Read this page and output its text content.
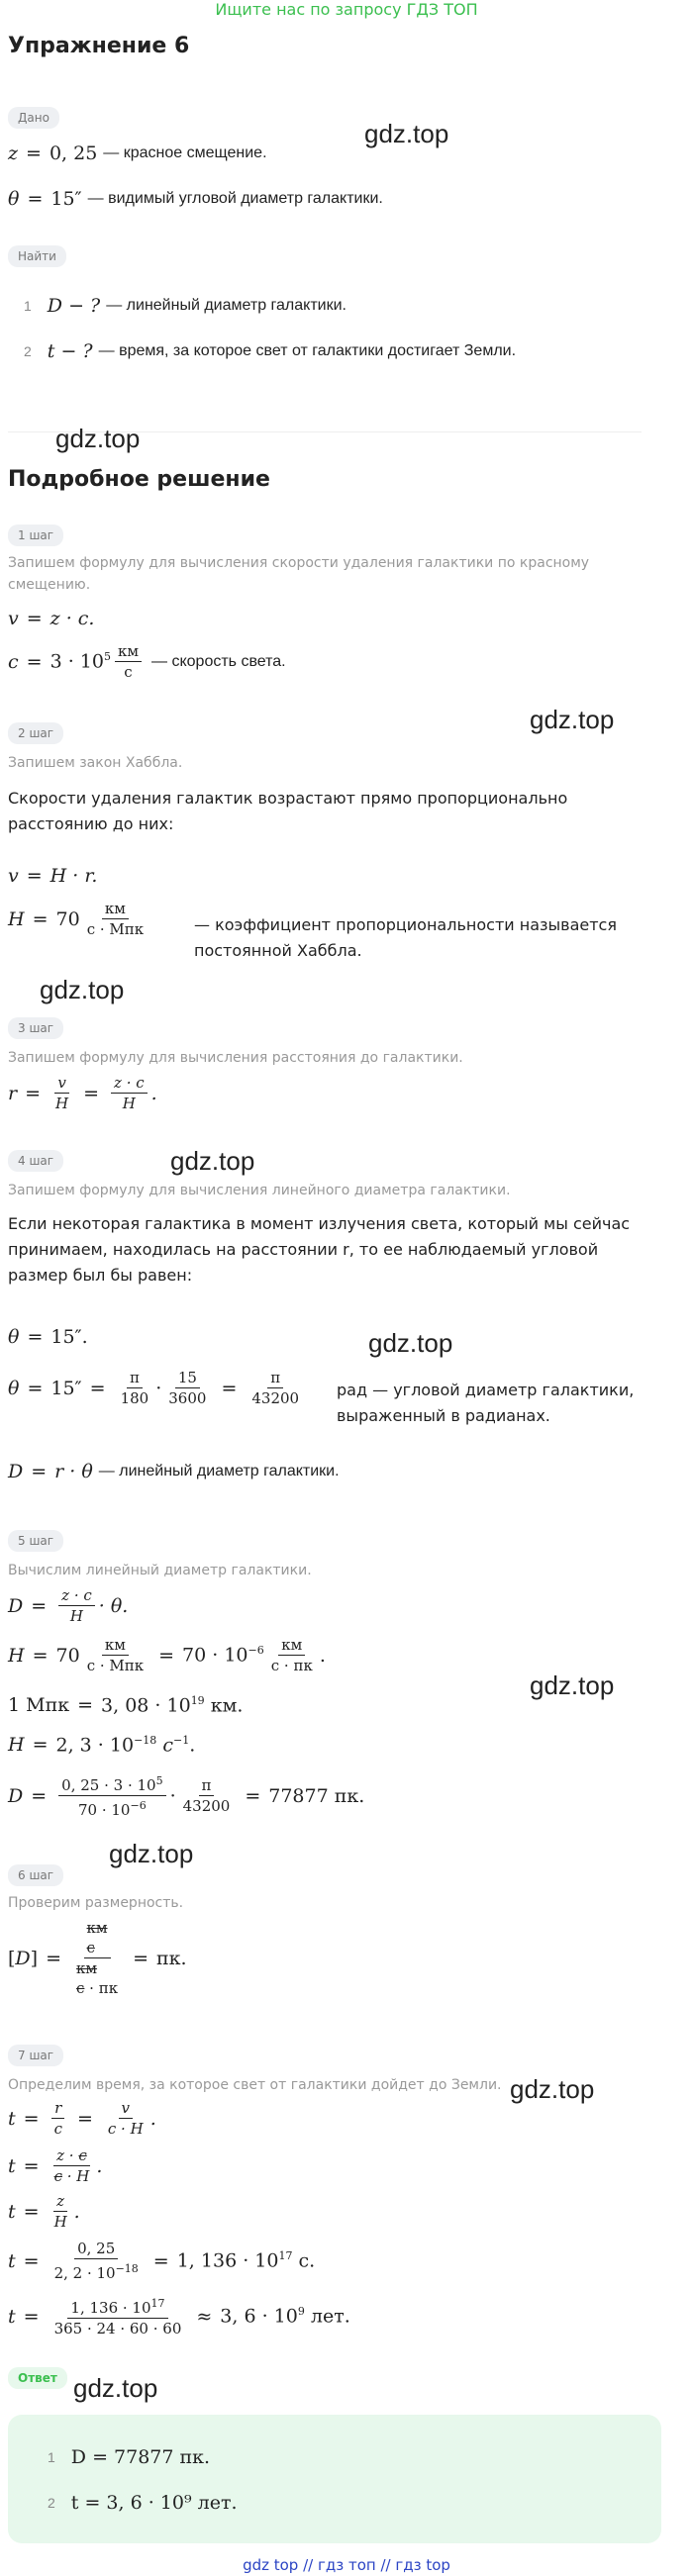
Ищите нас по запросу ГДЗ ТОП
Упражнение 6
Дано
gdz.top
z = 0, 25 — красное смещение.
θ = 15″ — видимый угловой диаметр галактики.
Найти
1 D − ? — линейный диаметр галактики.
2 t − ? — время, за которое свет от галактики достигает Земли.
gdz.top
Подробное решение
1 шаг
Запишем формулу для вычисления скорости удаления галактики по красному смещению.
v = z · c.
$c = 3 \cdot 10^5 \frac{км}{с}$ — скорость света.
gdz.top
2 шаг
Запишем закон Хаббла.
Скорости удаления галактик возрастают прямо пропорционально расстоянию до них:
v = H · r.
$H = 70 \frac{км}{\text{с · Мпк}}$	— коэффициент пропорциональности называется постоянной Хаббла.
gdz.top
3 шаг
Запишем формулу для вычисления расстояния до галактики.
$r = \frac{v}{H} = \frac{z \cdot c}{H}$ .
gdz.top
4 шаг
Запишем формулу для вычисления линейного диаметра галактики.
Если некоторая галактика в момент излучения света, который мы сейчас принимаем, находилась на расстоянии r, то ее наблюдаемый угловой размер был бы равен:
θ = 15″.	gdz.top
$\theta = 15'' = \frac{\pi}{180} \cdot \frac{15}{3600} = \frac{\pi}{43200}$ рад — угловой диаметр галактики, выраженный в радианах.
D = r · θ — линейный диаметр галактики.
5 шаг
Вычислим линейный диаметр галактики.
$D = \frac{z \cdot c}{H} \cdot \theta$.
$H = 70 \frac{км}{\text{с · Мпк}} = 70 \cdot 10^{-6} \frac{км}{с \cdot пк}$ .
gdz.top
1 Мпк = 3, $08 \cdot 10^{19}$ км.
H = 2, $3 \cdot 10^{-18}$ $c^{-1}$.
$D = \frac{0, 25 \cdot 3 \cdot 10^5}{70 \cdot 10^{-6}} \cdot \frac{\pi}{43200} = 77877$ пк.
gdz.top
6 шаг
Проверим размерность.
[D] =
км
с
км
с · пк
= пк.
7 шаг
Определим время, за которое свет от галактики дойдет до Земли. gdz.top
$t = \frac{r}{c} = \frac{v}{c \cdot H}$ .
$t = \frac{z \cdot c}{c \cdot H}$ .
$t = \frac{z}{H}$ .
$t = \frac{0, 25}{2, 2 \cdot 10^{-18}} = 1$, $136 \cdot 10^{17}$ с.
$t = \frac{1, 136 \cdot 10^{17}}{365 \cdot 24 \cdot 60 \cdot 60} \approx 3$, $6 \cdot 10^9$ лет.
Ответ gdz.top
1 D = 77877 пк.
2 t = 3, 6 · 10⁹ лет.
gdz top // гдз топ // гдз top
